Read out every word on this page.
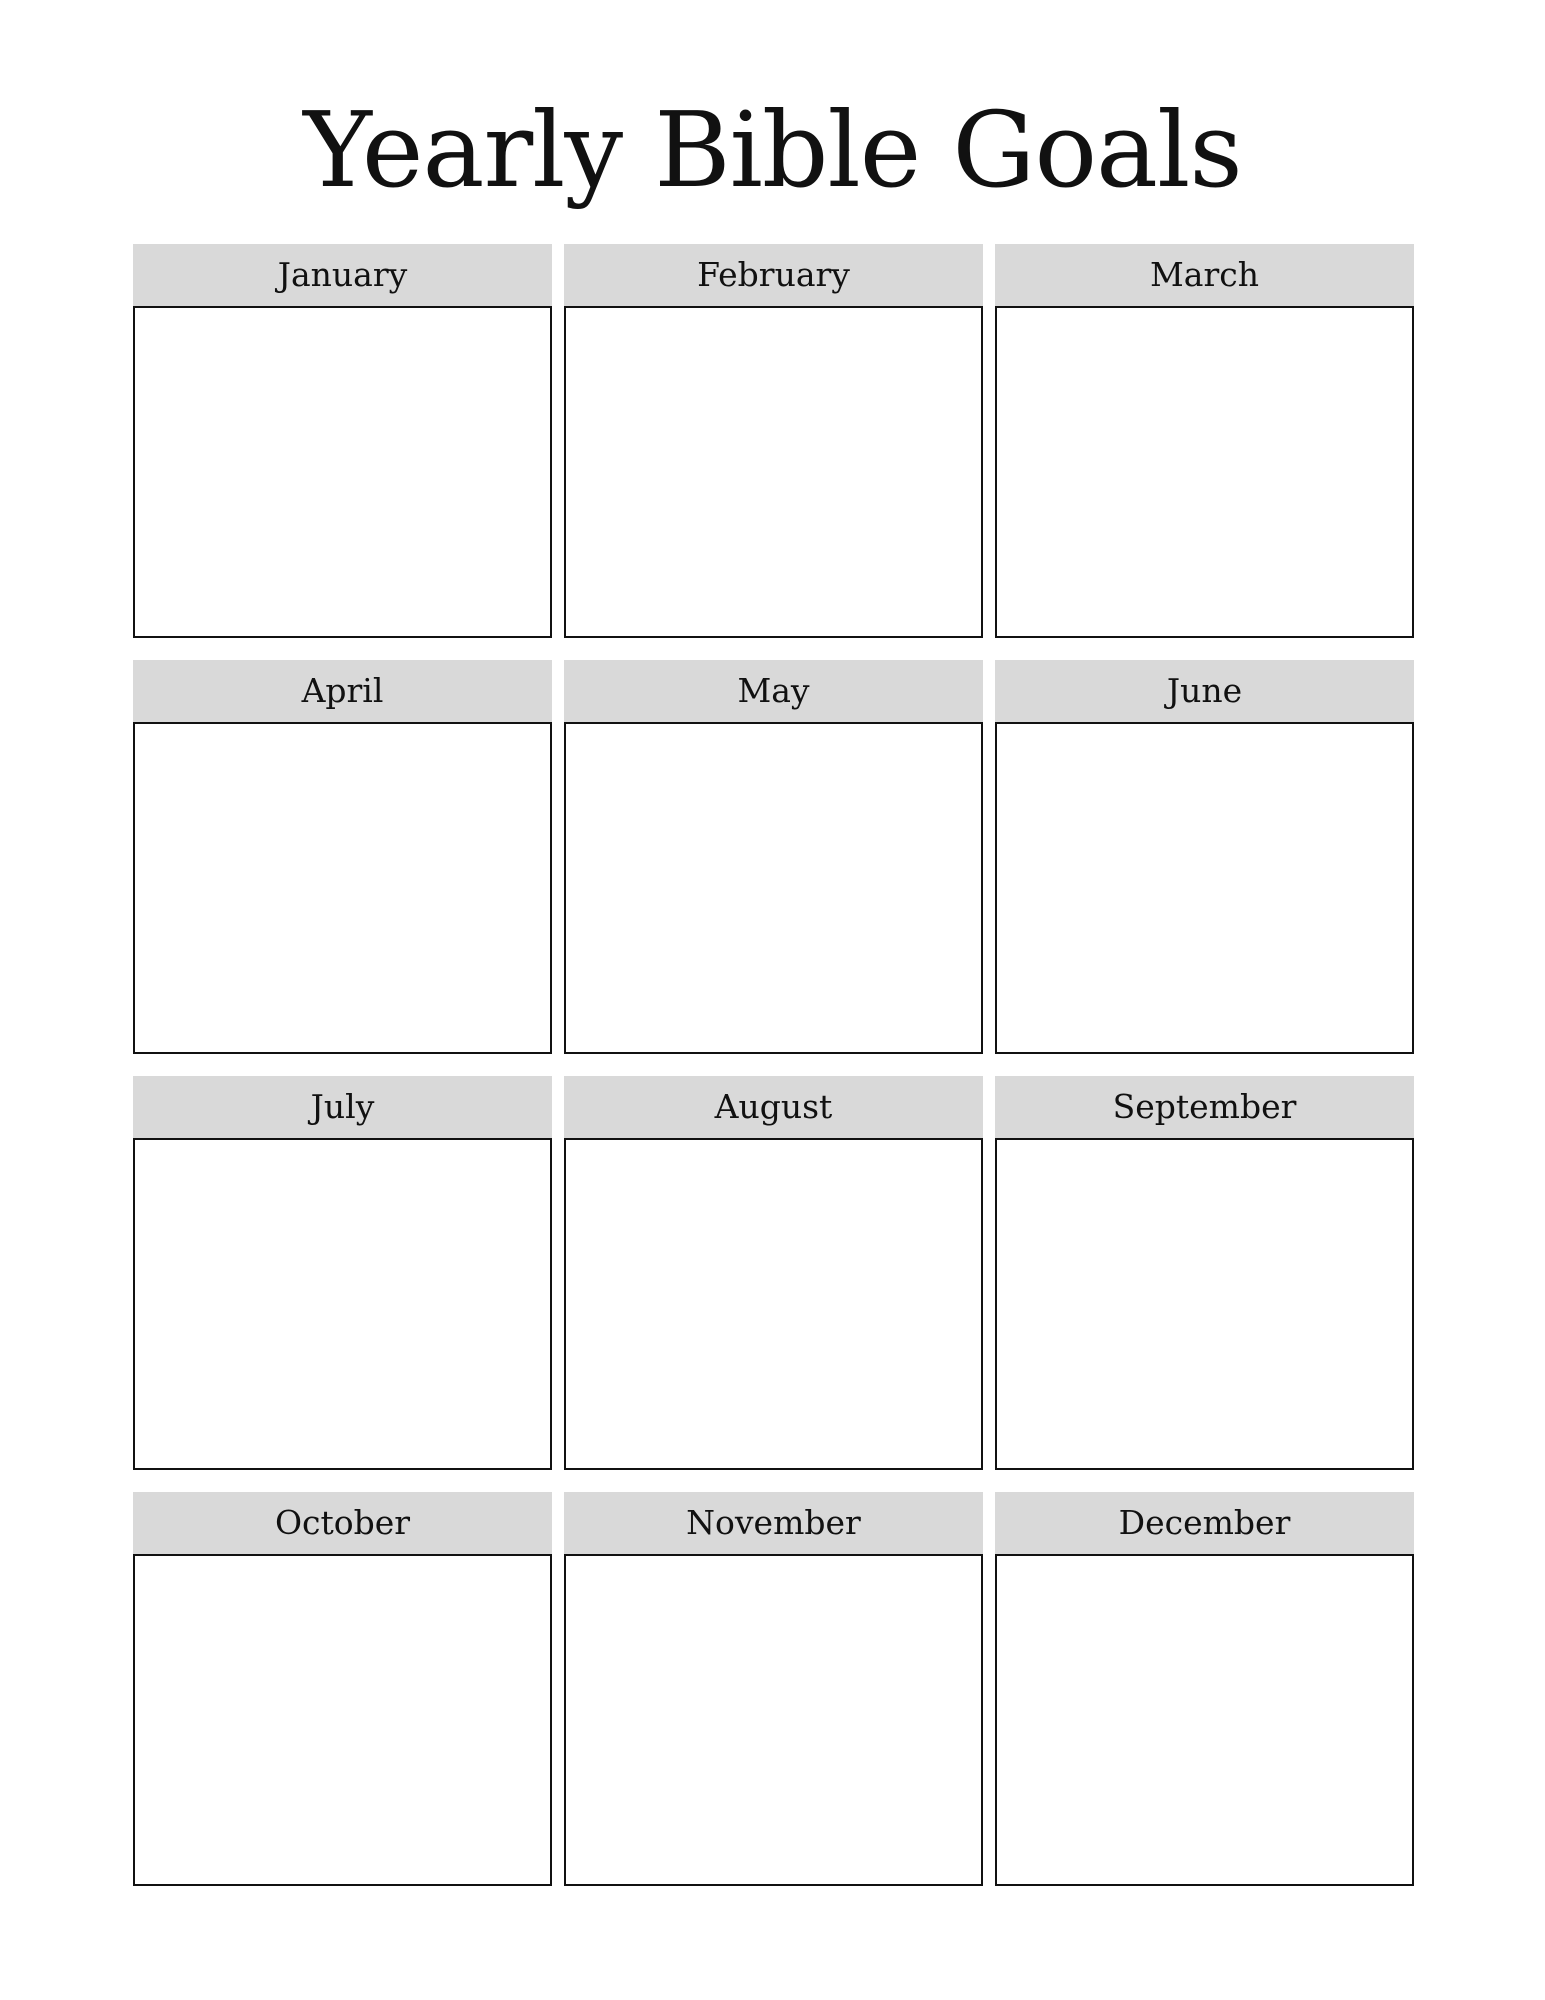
Yearly Bible Goals
January	February	March
April	May	June
July	August	September
October	November	December
